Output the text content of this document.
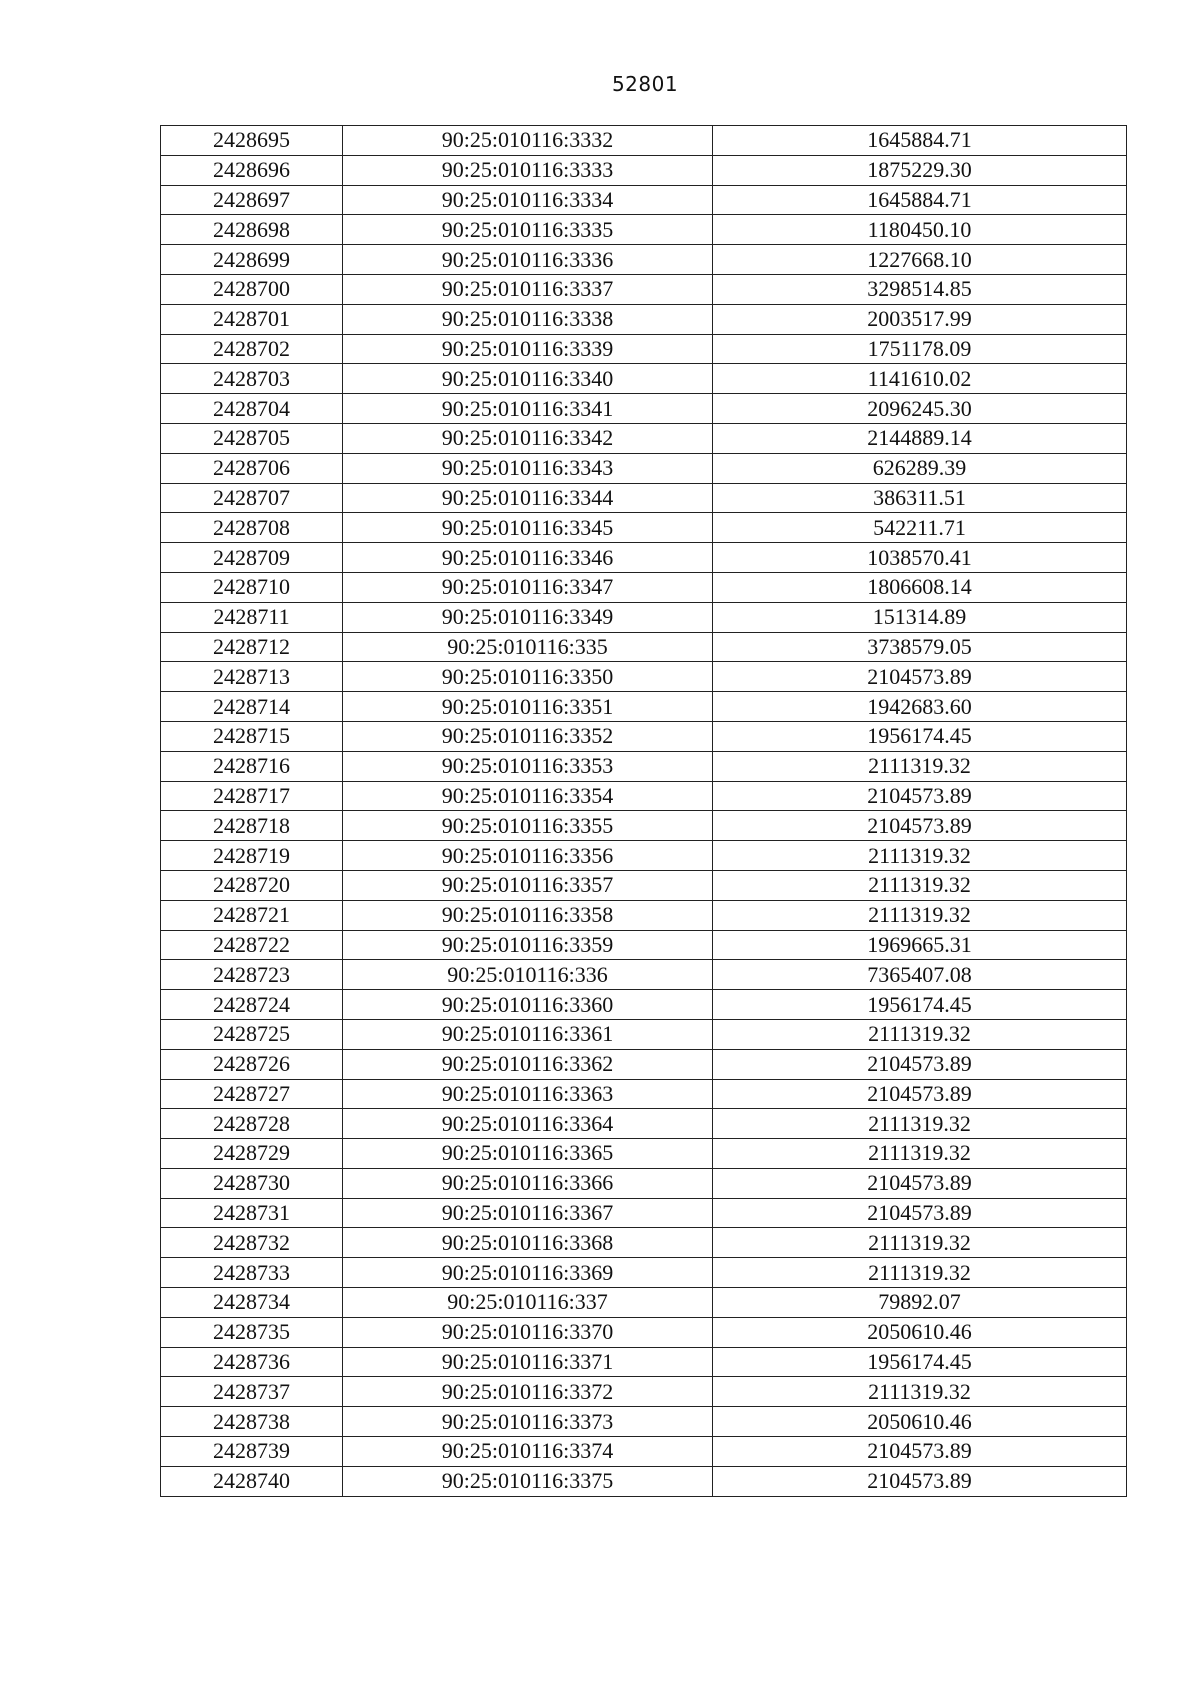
52801
2428695	90:25:010116:3332	1645884.71
2428696	90:25:010116:3333	1875229.30
2428697	90:25:010116:3334	1645884.71
2428698	90:25:010116:3335	1180450.10
2428699	90:25:010116:3336	1227668.10
2428700	90:25:010116:3337	3298514.85
2428701	90:25:010116:3338	2003517.99
2428702	90:25:010116:3339	1751178.09
2428703	90:25:010116:3340	1141610.02
2428704	90:25:010116:3341	2096245.30
2428705	90:25:010116:3342	2144889.14
2428706	90:25:010116:3343	626289.39
2428707	90:25:010116:3344	386311.51
2428708	90:25:010116:3345	542211.71
2428709	90:25:010116:3346	1038570.41
2428710	90:25:010116:3347	1806608.14
2428711	90:25:010116:3349	151314.89
2428712	90:25:010116:335	3738579.05
2428713	90:25:010116:3350	2104573.89
2428714	90:25:010116:3351	1942683.60
2428715	90:25:010116:3352	1956174.45
2428716	90:25:010116:3353	2111319.32
2428717	90:25:010116:3354	2104573.89
2428718	90:25:010116:3355	2104573.89
2428719	90:25:010116:3356	2111319.32
2428720	90:25:010116:3357	2111319.32
2428721	90:25:010116:3358	2111319.32
2428722	90:25:010116:3359	1969665.31
2428723	90:25:010116:336	7365407.08
2428724	90:25:010116:3360	1956174.45
2428725	90:25:010116:3361	2111319.32
2428726	90:25:010116:3362	2104573.89
2428727	90:25:010116:3363	2104573.89
2428728	90:25:010116:3364	2111319.32
2428729	90:25:010116:3365	2111319.32
2428730	90:25:010116:3366	2104573.89
2428731	90:25:010116:3367	2104573.89
2428732	90:25:010116:3368	2111319.32
2428733	90:25:010116:3369	2111319.32
2428734	90:25:010116:337	79892.07
2428735	90:25:010116:3370	2050610.46
2428736	90:25:010116:3371	1956174.45
2428737	90:25:010116:3372	2111319.32
2428738	90:25:010116:3373	2050610.46
2428739	90:25:010116:3374	2104573.89
2428740	90:25:010116:3375	2104573.89
